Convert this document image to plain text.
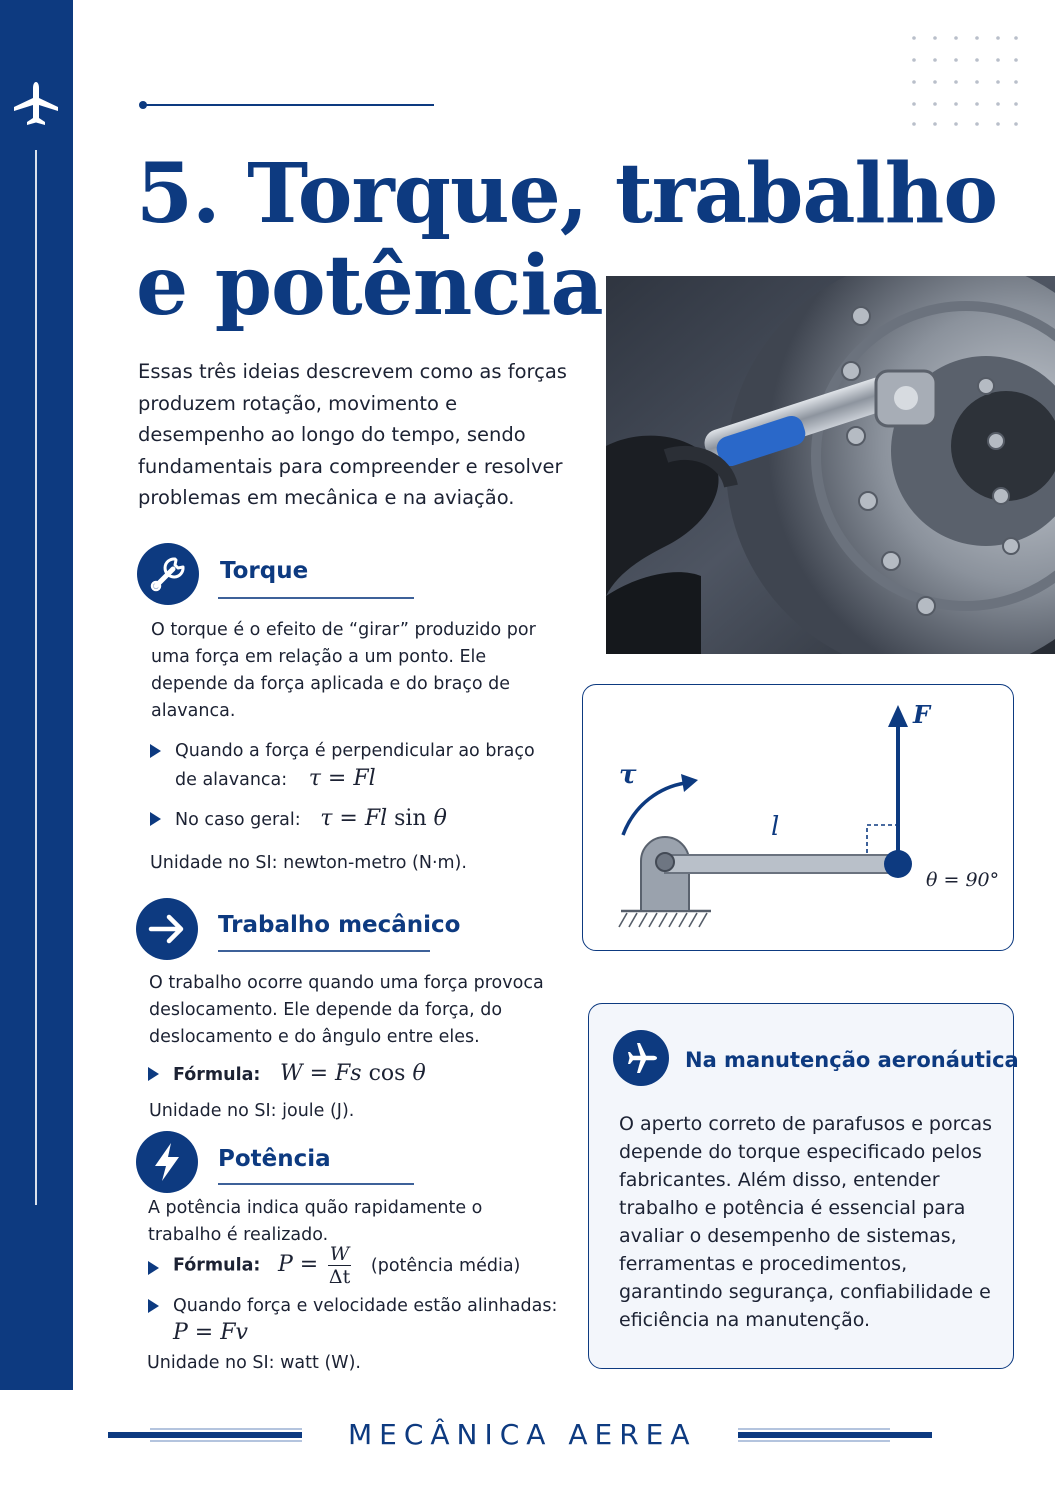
5. Torque, trabalho
e potência

Essas três ideias descrevem como as forças produzem rotação, movimento e desempenho ao longo do tempo, sendo fundamentais para compreender e resolver problemas em mecânica e na aviação.

Torque

O torque é o efeito de “girar” produzido por uma força em relação a um ponto. Ele depende da força aplicada e do braço de alavanca.

Quando a força é perpendicular ao braço
de alavanca: τ = Fl
No caso geral: τ = Fl sin θ

Unidade no SI: newton-metro (N·m).

Trabalho mecânico

O trabalho ocorre quando uma força provoca deslocamento. Ele depende da força, do deslocamento e do ângulo entre eles.

Fórmula: W = Fs cos θ

Unidade no SI: joule (J).

Potência

A potência indica quão rapidamente o trabalho é realizado.

Fórmula: $P = \frac{W}{\Delta t}$ (potência média)
Quando força e velocidade estão alinhadas:
P = Fv

Unidade no SI: watt (W).

τ
F
l
θ = 90°
Na manutenção aeronáutica

O aperto correto de parafusos e porcas depende do torque especificado pelos fabricantes. Além disso, entender trabalho e potência é essencial para avaliar o desempenho de sistemas, ferramentas e procedimentos, garantindo segurança, confiabilidade e eficiência na manutenção.

MECÂNICA AEREA
